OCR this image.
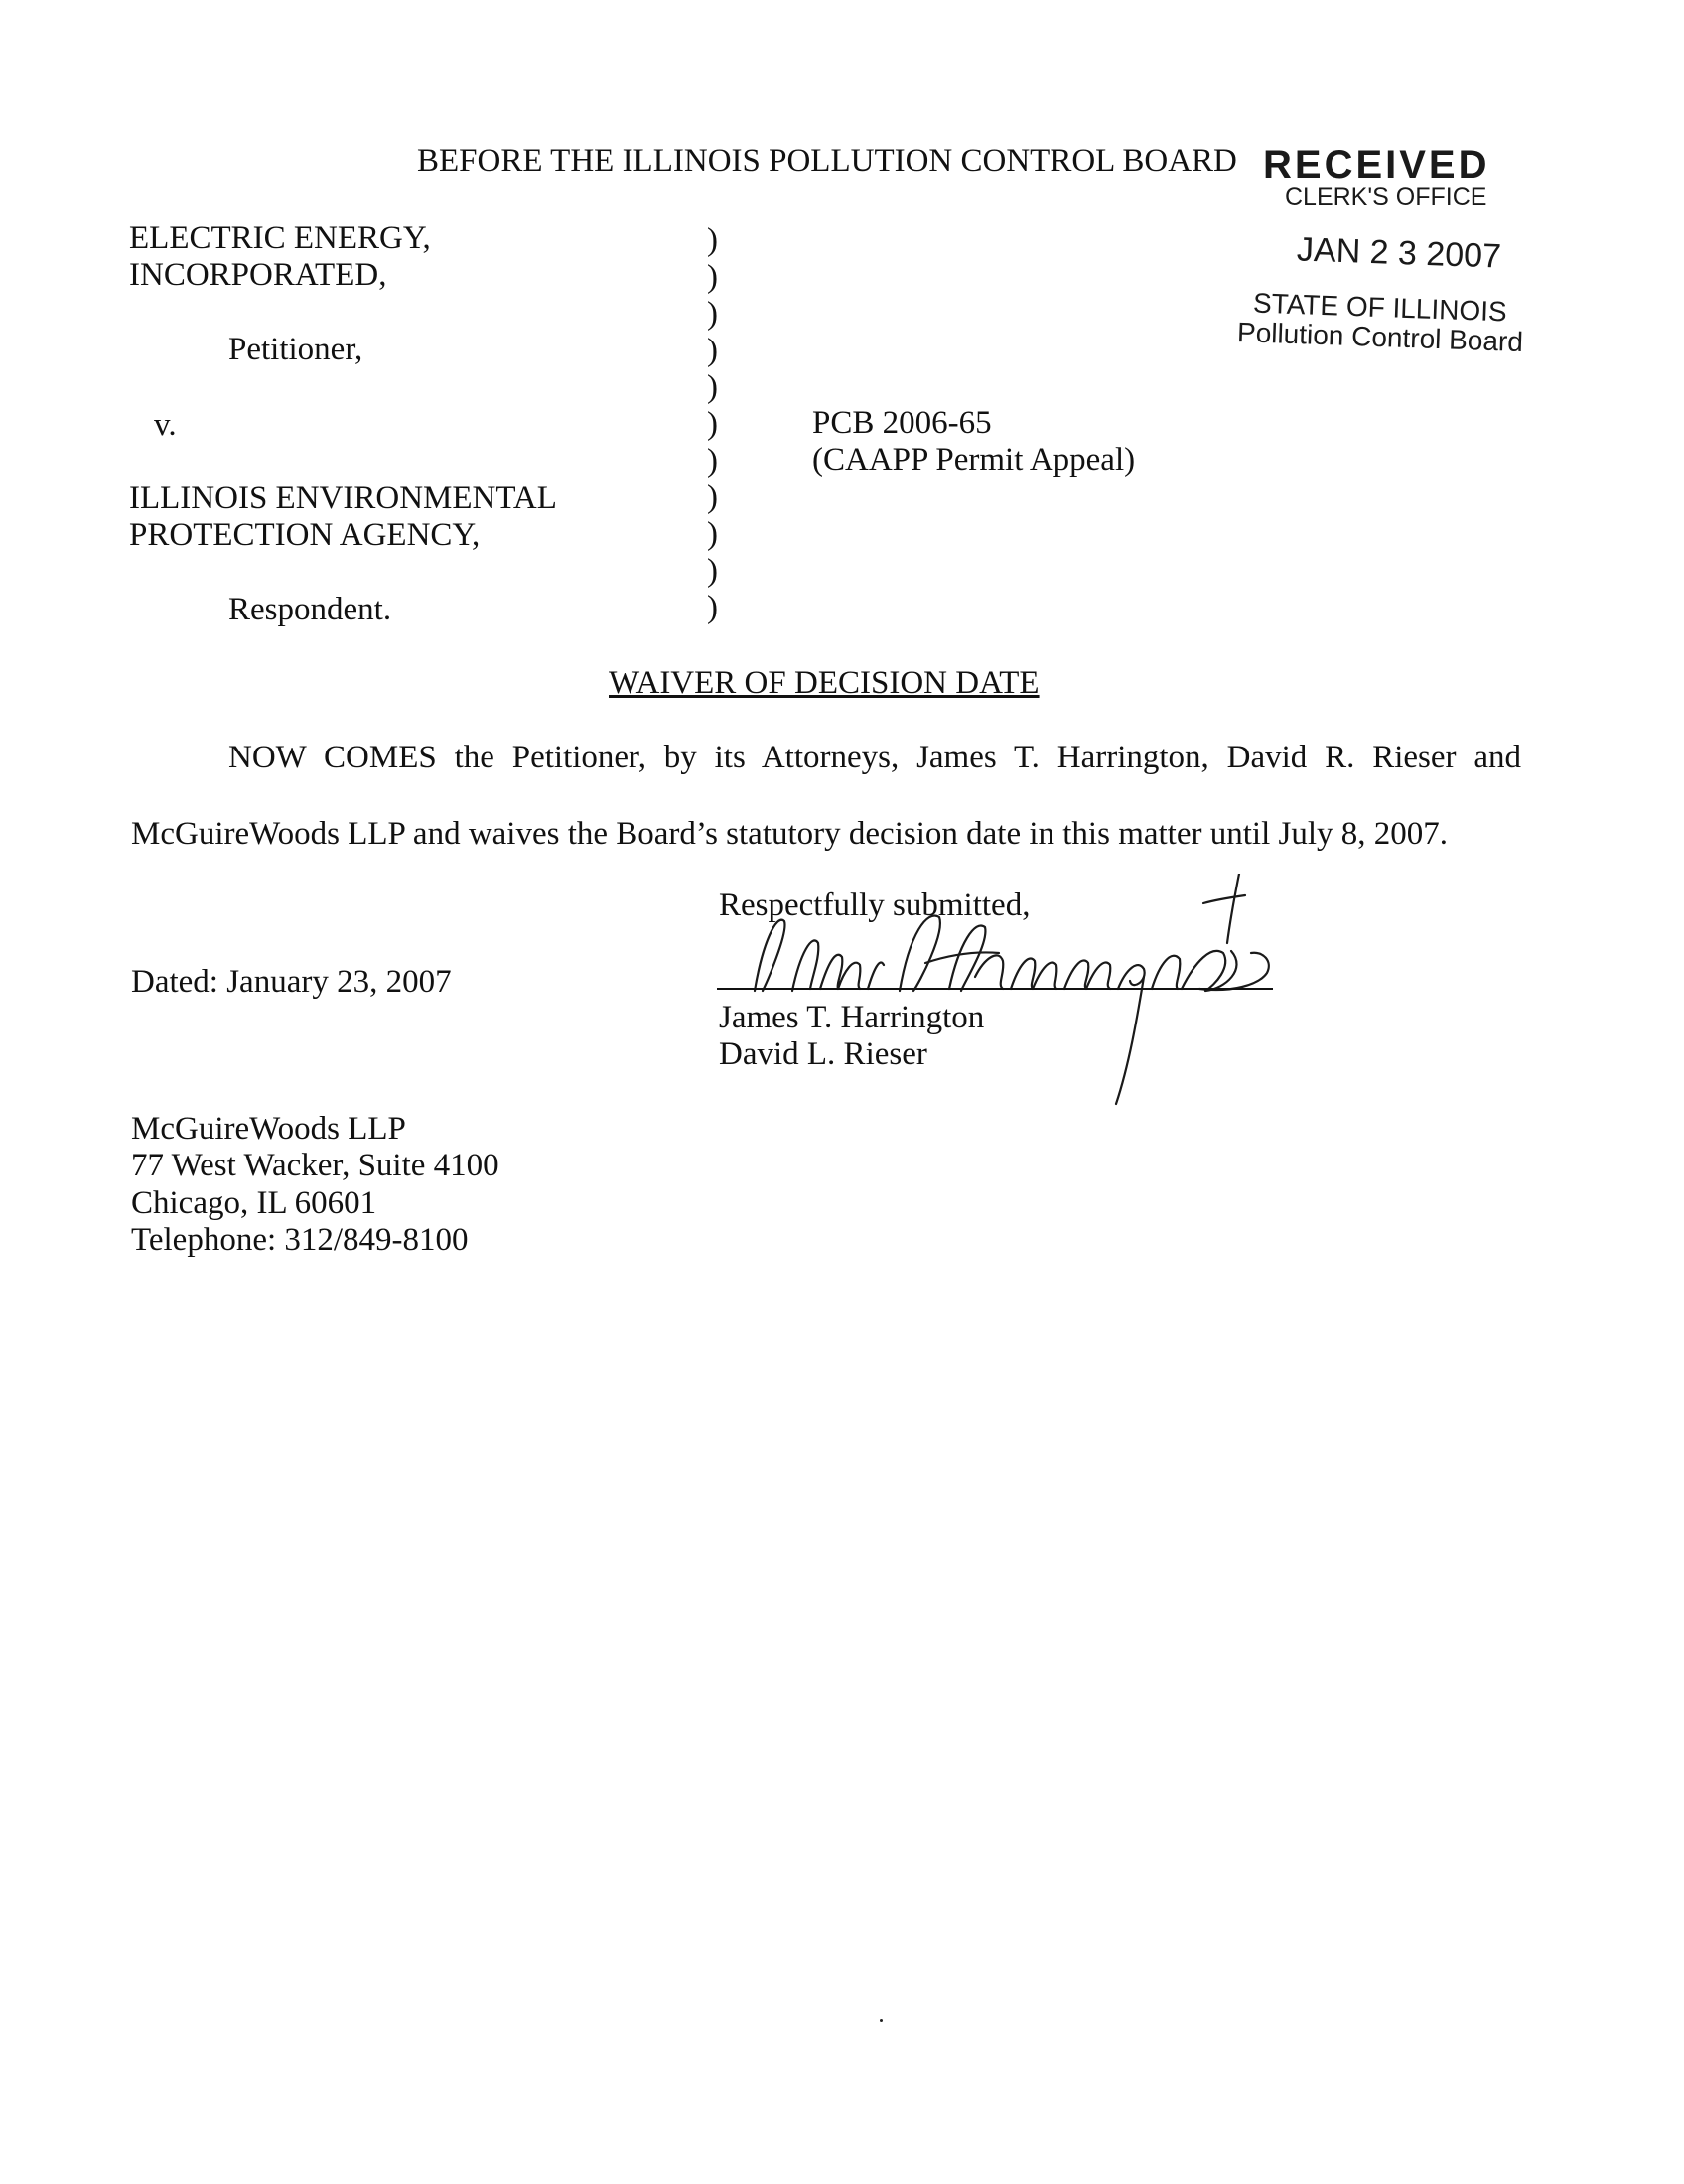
BEFORE THE ILLINOIS POLLUTION CONTROL BOARD RECEIVED
CLERK'S OFFICE
JAN 2 3 2007
STATE OF ILLINOIS
Pollution Control Board
ELECTRIC ENERGY,
INCORPORATED,
Petitioner,
v.
ILLINOIS ENVIRONMENTAL
PROTECTION AGENCY,
Respondent.
)
)
)
)
)
)
)
)
)
)
)
PCB 2006-65
(CAAPP Permit Appeal)
WAIVER OF DECISION DATE
NOW COMES the Petitioner, by its Attorneys, James T. Harrington, David R. Rieser and
McGuireWoods LLP and waives the Board’s statutory decision date in this matter until July 8, 2007.
Respectfully submitted,
Dated: January 23, 2007
James T. Harrington
David L. Rieser
McGuireWoods LLP
77 West Wacker, Suite 4100
Chicago, IL 60601
Telephone: 312/849-8100
